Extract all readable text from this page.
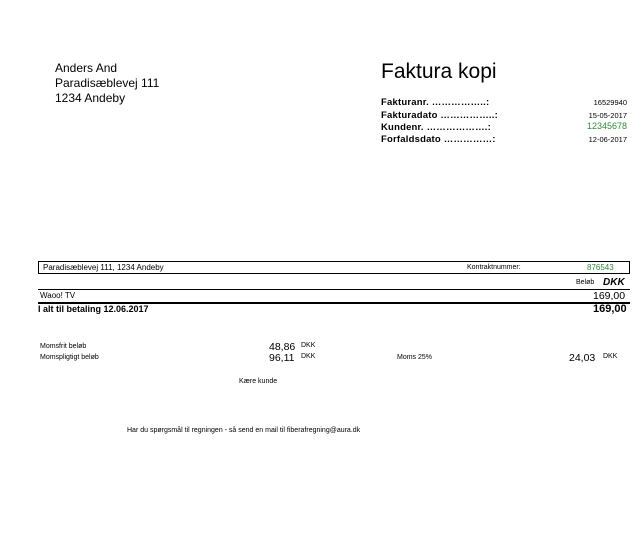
Anders And
Paradisæblevej 111
1234 Andeby
Faktura kopi
Fakturanr. ……………..:	16529940
Fakturadato ……………..:	15-05-2017
Kundenr. ……………….:	12345678
Forfaldsdato ……………:	12-06-2017
Paradisæblevej 111, 1234 Andeby	Kontraktnummer:	876543
Beløb DKK
Waoo! TV	169,00
I alt til betaling 12.06.2017	169,00
Momsfrit beløb	48,86 DKK
Momspligtigt beløb	96,11 DKK	Moms 25%	24,03 DKK
Kære kunde
Har du spørgsmål til regningen - så send en mail til fiberafregning@aura.dk
